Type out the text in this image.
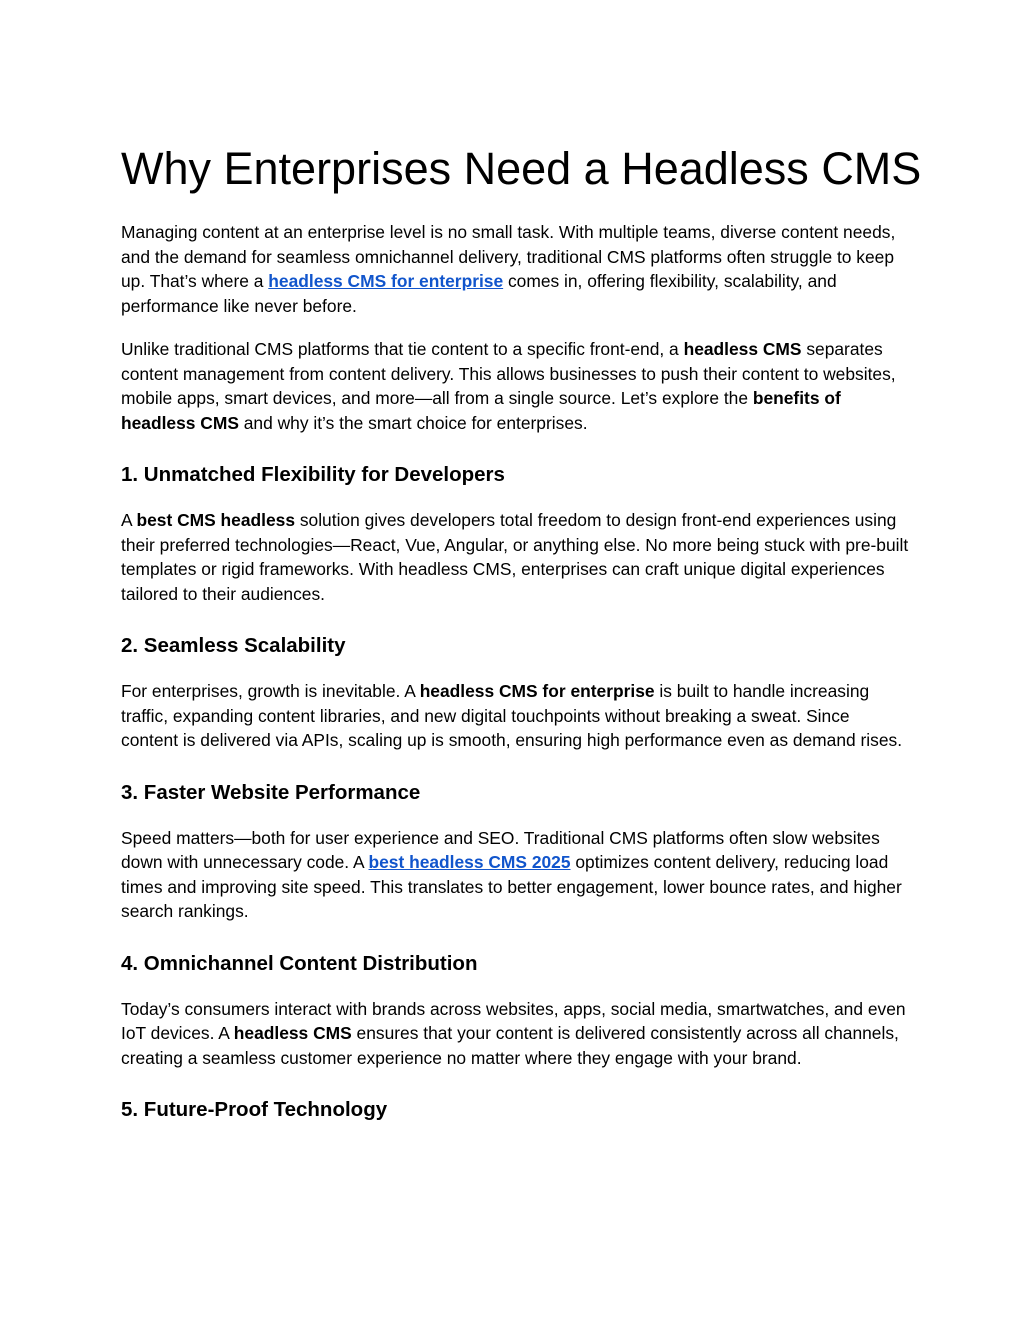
Why Enterprises Need a Headless CMS

Managing content at an enterprise level is no small task. With multiple teams, diverse content needs, and the demand for seamless omnichannel delivery, traditional CMS platforms often struggle to keep up. That’s where a headless CMS for enterprise comes in, offering flexibility, scalability, and performance like never before.

Unlike traditional CMS platforms that tie content to a specific front-end, a headless CMS separates content management from content delivery. This allows businesses to push their content to websites, mobile apps, smart devices, and more—all from a single source. Let’s explore the benefits of headless CMS and why it’s the smart choice for enterprises.

1. Unmatched Flexibility for Developers

A best CMS headless solution gives developers total freedom to design front-end experiences using their preferred technologies—React, Vue, Angular, or anything else. No more being stuck with pre-built templates or rigid frameworks. With headless CMS, enterprises can craft unique digital experiences tailored to their audiences.

2. Seamless Scalability

For enterprises, growth is inevitable. A headless CMS for enterprise is built to handle increasing traffic, expanding content libraries, and new digital touchpoints without breaking a sweat. Since content is delivered via APIs, scaling up is smooth, ensuring high performance even as demand rises.

3. Faster Website Performance

Speed matters—both for user experience and SEO. Traditional CMS platforms often slow websites down with unnecessary code. A best headless CMS 2025 optimizes content delivery, reducing load times and improving site speed. This translates to better engagement, lower bounce rates, and higher search rankings.

4. Omnichannel Content Distribution

Today’s consumers interact with brands across websites, apps, social media, smartwatches, and even IoT devices. A headless CMS ensures that your content is delivered consistently across all channels, creating a seamless customer experience no matter where they engage with your brand.

5. Future-Proof Technology
